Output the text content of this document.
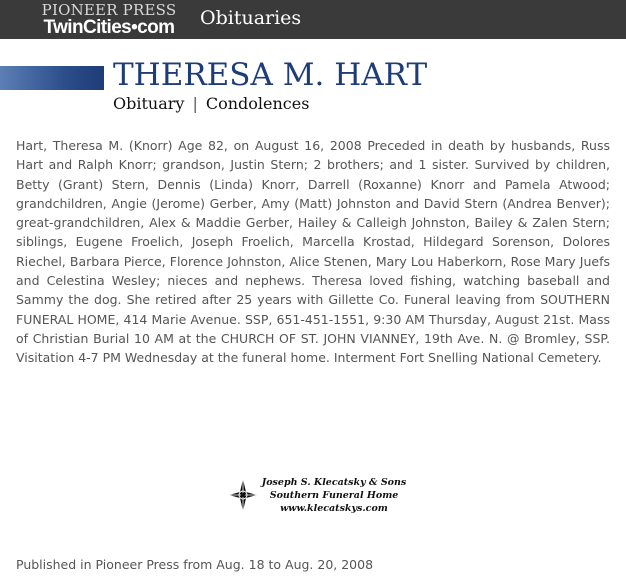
PIONEER PRESS
TwinCities•com	Obituaries
THERESA M. HART
Obituary | Condolences

Hart, Theresa M. (Knorr) Age 82, on August 16, 2008 Preceded in death by husbands, Russ Hart and Ralph Knorr; grandson, Justin Stern; 2 brothers; and 1 sister. Survived by children, Betty (Grant) Stern, Dennis (Linda) Knorr, Darrell (Roxanne) Knorr and Pamela Atwood; grandchildren, Angie (Jerome) Gerber, Amy (Matt) Johnston and David Stern (Andrea Benver); great-grandchildren, Alex & Maddie Gerber, Hailey & Calleigh Johnston, Bailey & Zalen Stern; siblings, Eugene Froelich, Joseph Froelich, Marcella Krostad, Hildegard Sorenson, Dolores Riechel, Barbara Pierce, Florence Johnston, Alice Stenen, Mary Lou Haberkorn, Rose Mary Juefs and Celestina Wesley; nieces and nephews. Theresa loved fishing, watching baseball and Sammy the dog. She retired after 25 years with Gillette Co. Funeral leaving from SOUTHERN FUNERAL HOME, 414 Marie Avenue. SSP, 651-451-1551, 9:30 AM Thursday, August 21st. Mass of Christian Burial 10 AM at the CHURCH OF ST. JOHN VIANNEY, 19th Ave. N. @ Bromley, SSP. Visitation 4-7 PM Wednesday at the funeral home. Interment Fort Snelling National Cemetery.

Joseph S. Klecatsky & Sons
Southern Funeral Home
www.klecatskys.com
Published in Pioneer Press from Aug. 18 to Aug. 20, 2008
